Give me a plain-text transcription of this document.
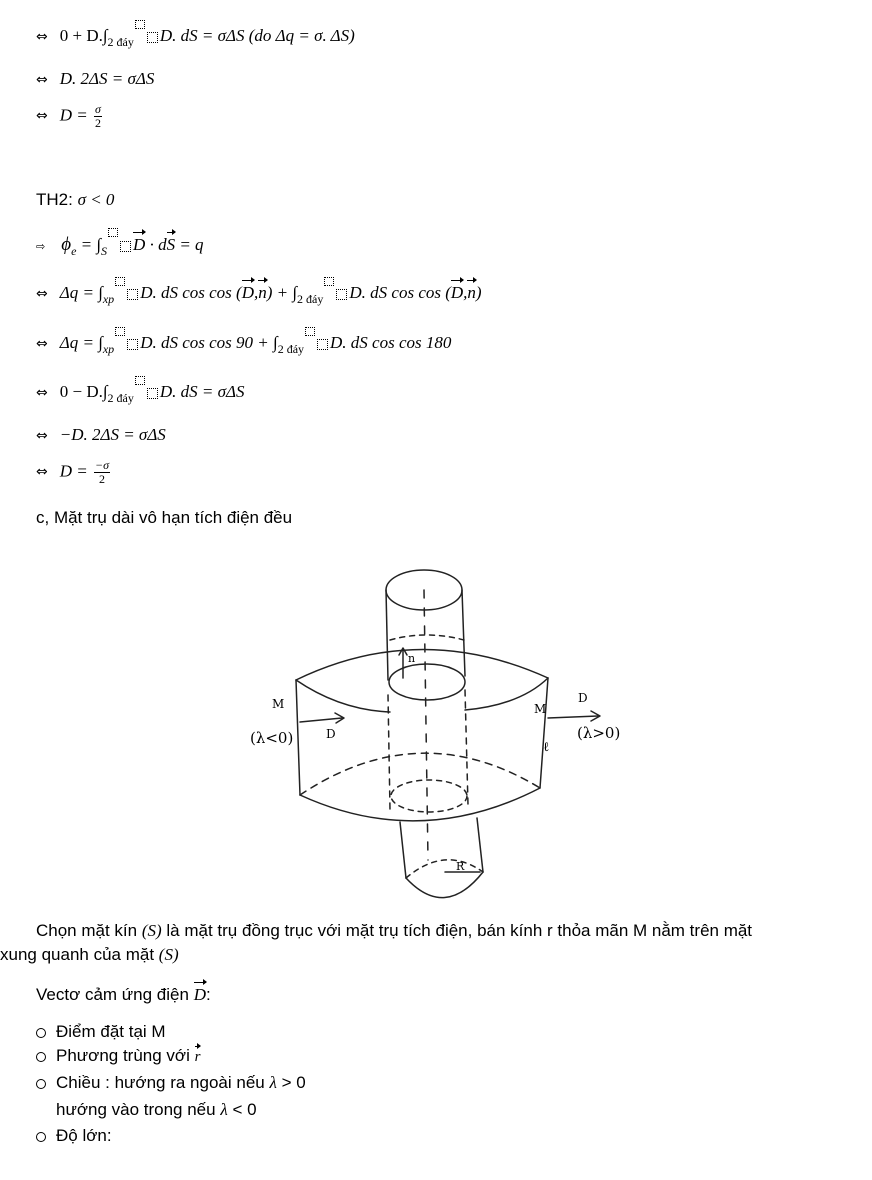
⇔ $0 + D.\int_{2 đáy}$ D. dS = σΔS (do Δq = σ. ΔS)
⇔ D. 2ΔS = σΔS
⇔ $D = \frac{\sigma}{2}$
TH2: σ < 0
⇨ $\phi_e = \int_S$ D · dS = q
⇔ $\Delta q = \int_{xp}$ D. dS $\cos \cos (D,n) + \int_{2 đáy}$ D. dS cos cos (D,n)
⇔ $\Delta q = \int_{xp}$ D. dS $\cos \cos 90 + \int_{2 đáy}$ D. dS cos cos 180
⇔ $0 - D.\int_{2 đáy}$ D. dS = σΔS
⇔ −D. 2ΔS = σΔS
⇔ $D = \frac{-\sigma}{2}$
c, Mặt trụ dài vô hạn tích điện đều
M
(λ<0)	D
n
M
D
(λ>0)
ℓ
R
Chọn mặt kín (S) là mặt trụ đồng trục với mặt trụ tích điện, bán kính r thỏa mãn M nằm trên mặt
xung quanh của mặt (S)
Vectơ cảm ứng điện D:
Điểm đặt tại M
Phương trùng với r
Chiều : hướng ra ngoài nếu λ > 0
hướng vào trong nếu λ < 0
Độ lớn:
